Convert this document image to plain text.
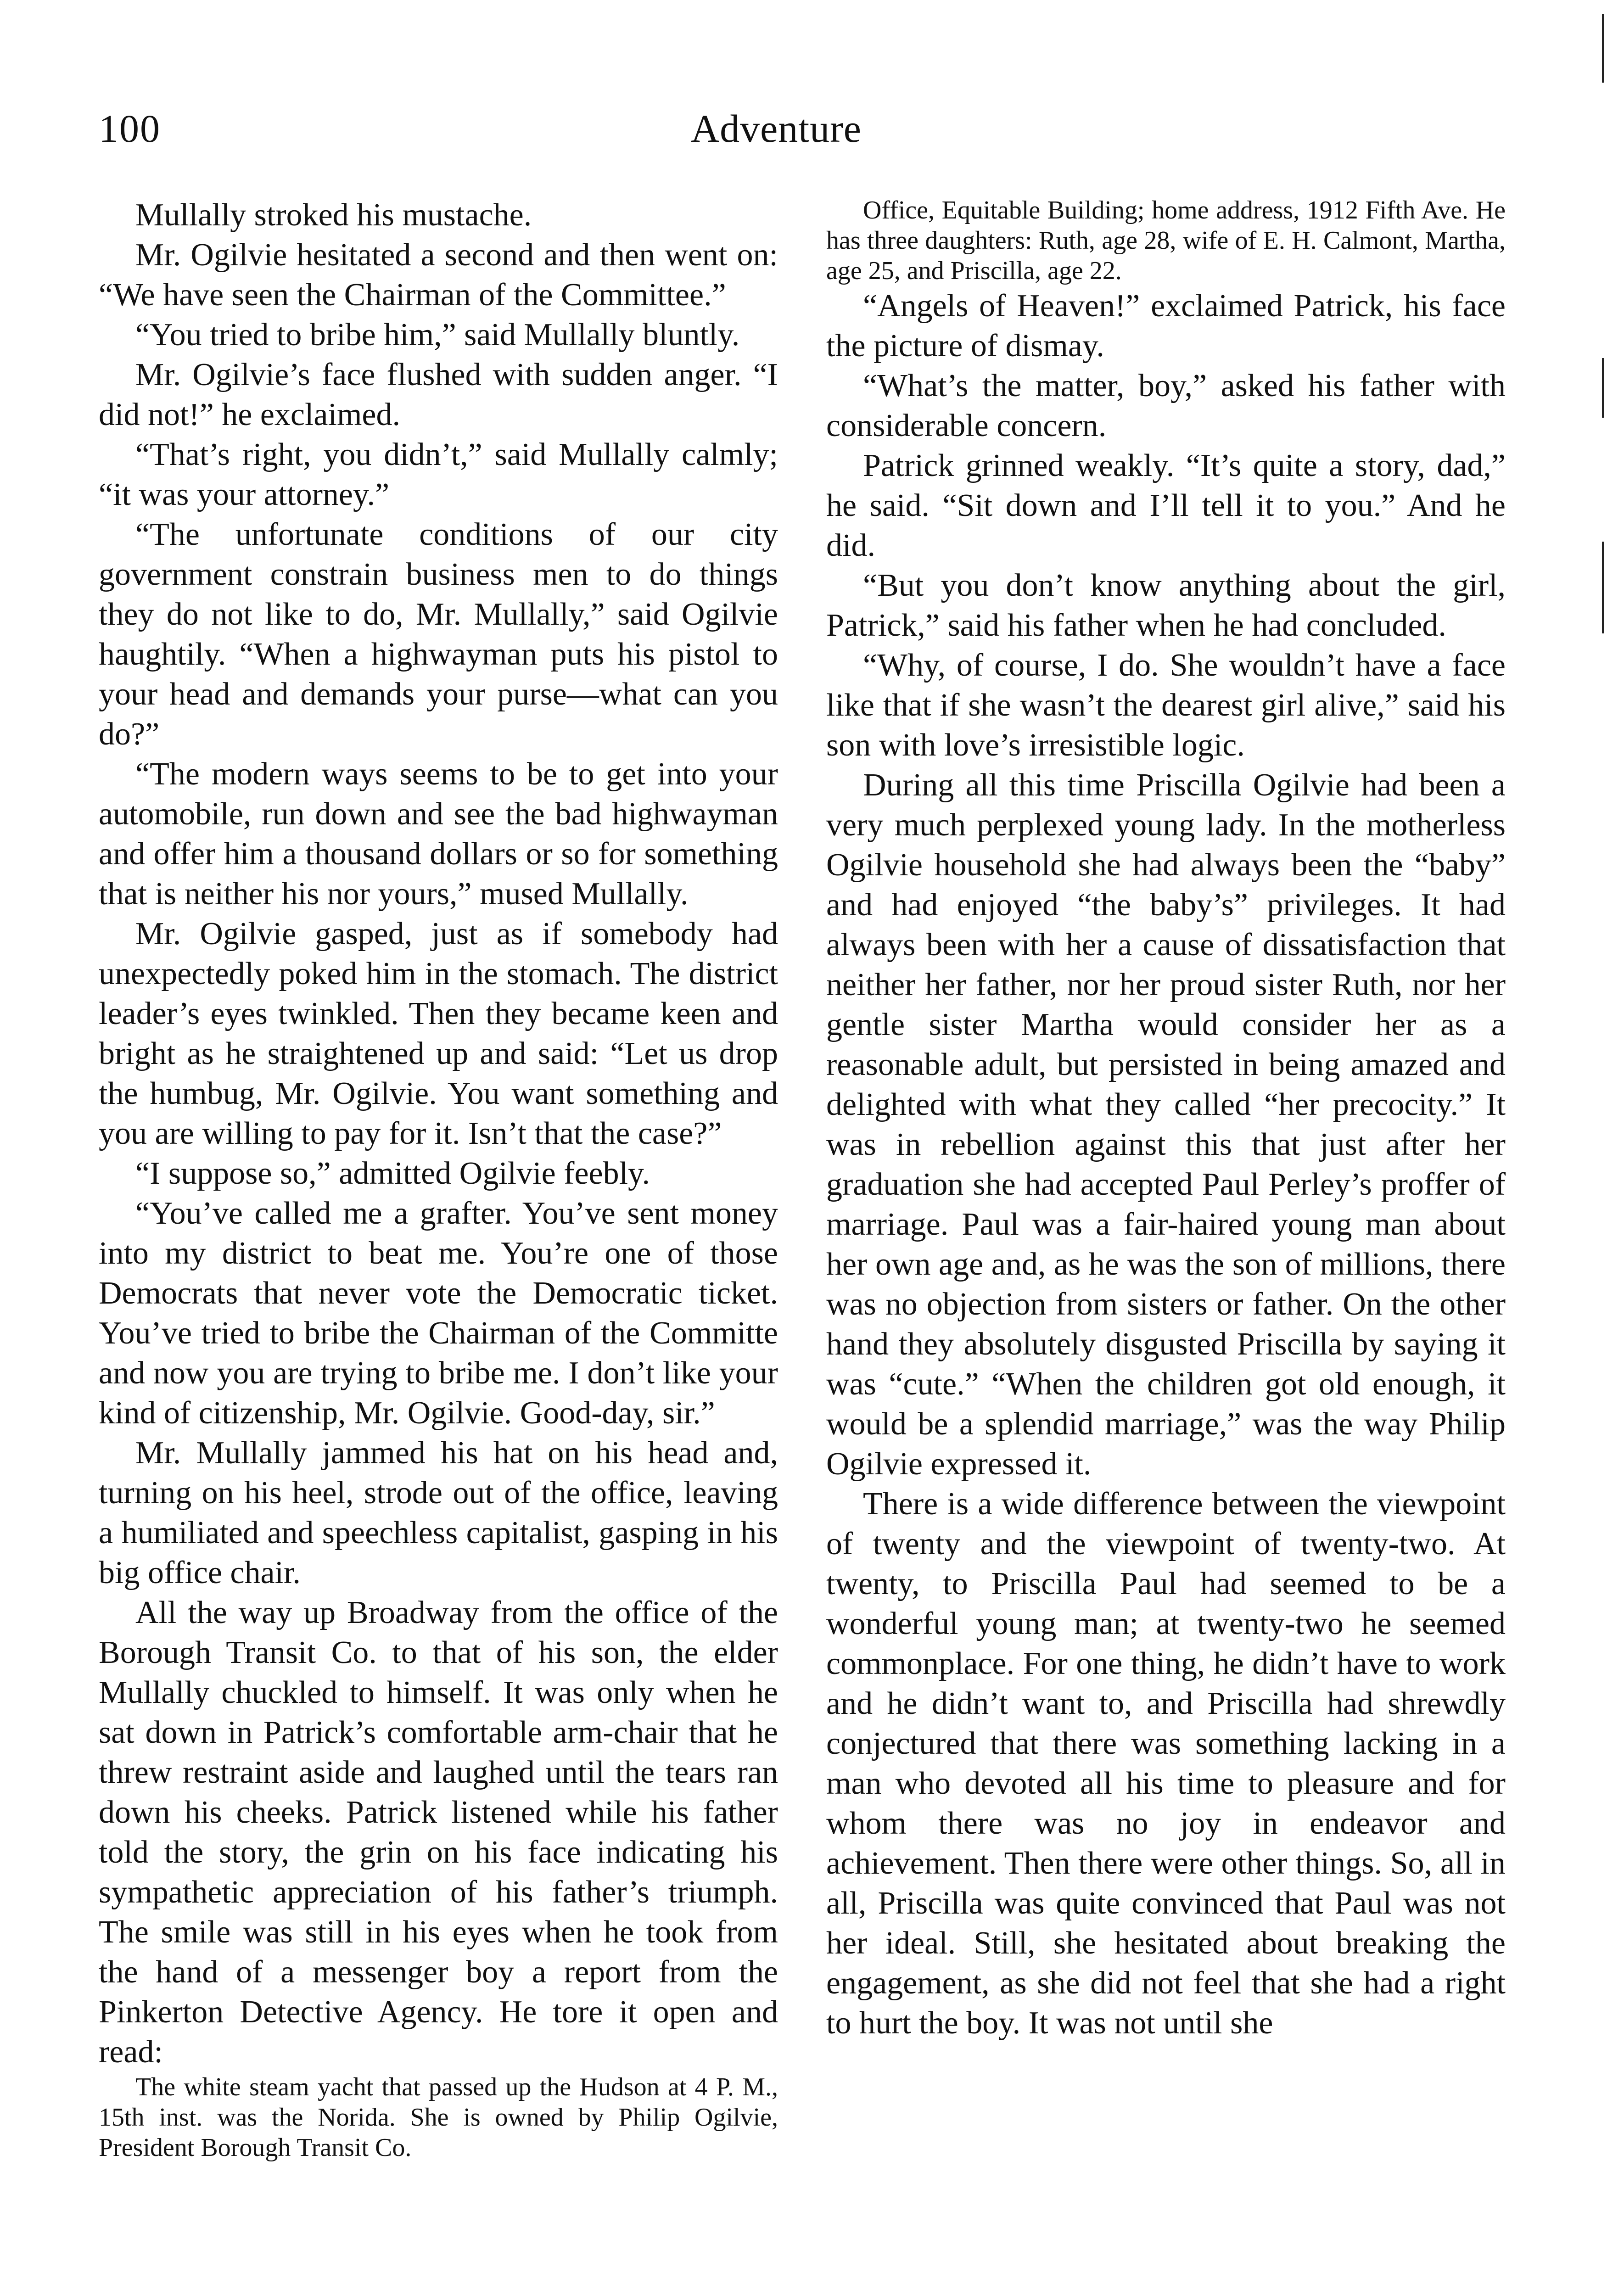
100	Adventure

Mullally stroked his mustache.

Mr. Ogilvie hesitated a second and then went on: “We have seen the Chairman of the Committee.”

“You tried to bribe him,” said Mullally bluntly.

Mr. Ogilvie’s face flushed with sudden anger. “I did not!” he exclaimed.

“That’s right, you didn’t,” said Mullally calmly; “it was your attorney.”

“The unfortunate conditions of our city government constrain business men to do things they do not like to do, Mr. Mullally,” said Ogilvie haughtily. “When a highwayman puts his pistol to your head and demands your purse—what can you do?”

“The modern ways seems to be to get into your automobile, run down and see the bad highwayman and offer him a thousand dollars or so for something that is neither his nor yours,” mused Mullally.

Mr. Ogilvie gasped, just as if somebody had unexpectedly poked him in the stomach. The district leader’s eyes twinkled. Then they became keen and bright as he straightened up and said: “Let us drop the humbug, Mr. Ogilvie. You want something and you are willing to pay for it. Isn’t that the case?”

“I suppose so,” admitted Ogilvie feebly.

“You’ve called me a grafter. You’ve sent money into my district to beat me. You’re one of those Democrats that never vote the Democratic ticket. You’ve tried to bribe the Chairman of the Committe and now you are trying to bribe me. I don’t like your kind of citizenship, Mr. Ogilvie. Good-day, sir.”

Mr. Mullally jammed his hat on his head and, turning on his heel, strode out of the office, leaving a humiliated and speechless capitalist, gasping in his big office chair.

All the way up Broadway from the office of the Borough Transit Co. to that of his son, the elder Mullally chuckled to himself. It was only when he sat down in Patrick’s comfortable arm-chair that he threw restraint aside and laughed until the tears ran down his cheeks. Patrick listened while his father told the story, the grin on his face indicating his sympathetic appreciation of his father’s triumph. The smile was still in his eyes when he took from the hand of a messenger boy a report from the Pinkerton Detective Agency. He tore it open and read:

The white steam yacht that passed up the Hudson at 4 P. M., 15th inst. was the Norida. She is owned by Philip Ogilvie, President Borough Transit Co.

Office, Equitable Building; home address, 1912 Fifth Ave. He has three daughters: Ruth, age 28, wife of E. H. Calmont, Martha, age 25, and Priscilla, age 22.

“Angels of Heaven!” exclaimed Patrick, his face the picture of dismay.

“What’s the matter, boy,” asked his father with considerable concern.

Patrick grinned weakly. “It’s quite a story, dad,” he said. “Sit down and I’ll tell it to you.” And he did.

“But you don’t know anything about the girl, Patrick,” said his father when he had concluded.

“Why, of course, I do. She wouldn’t have a face like that if she wasn’t the dearest girl alive,” said his son with love’s irresistible logic.

During all this time Priscilla Ogilvie had been a very much perplexed young lady. In the motherless Ogilvie household she had always been the “baby” and had enjoyed “the baby’s” privileges. It had always been with her a cause of dissatisfaction that neither her father, nor her proud sister Ruth, nor her gentle sister Martha would consider her as a reasonable adult, but persisted in being amazed and delighted with what they called “her precocity.” It was in rebellion against this that just after her graduation she had accepted Paul Perley’s proffer of marriage. Paul was a fair-haired young man about her own age and, as he was the son of millions, there was no objection from sisters or father. On the other hand they absolutely disgusted Priscilla by saying it was “cute.” “When the children got old enough, it would be a splendid marriage,” was the way Philip Ogilvie expressed it.

There is a wide difference between the viewpoint of twenty and the viewpoint of twenty-two. At twenty, to Priscilla Paul had seemed to be a wonderful young man; at twenty-two he seemed commonplace. For one thing, he didn’t have to work and he didn’t want to, and Priscilla had shrewdly conjectured that there was something lacking in a man who devoted all his time to pleasure and for whom there was no joy in endeavor and achievement. Then there were other things. So, all in all, Priscilla was quite convinced that Paul was not her ideal. Still, she hesitated about breaking the engagement, as she did not feel that she had a right to hurt the boy. It was not until she
